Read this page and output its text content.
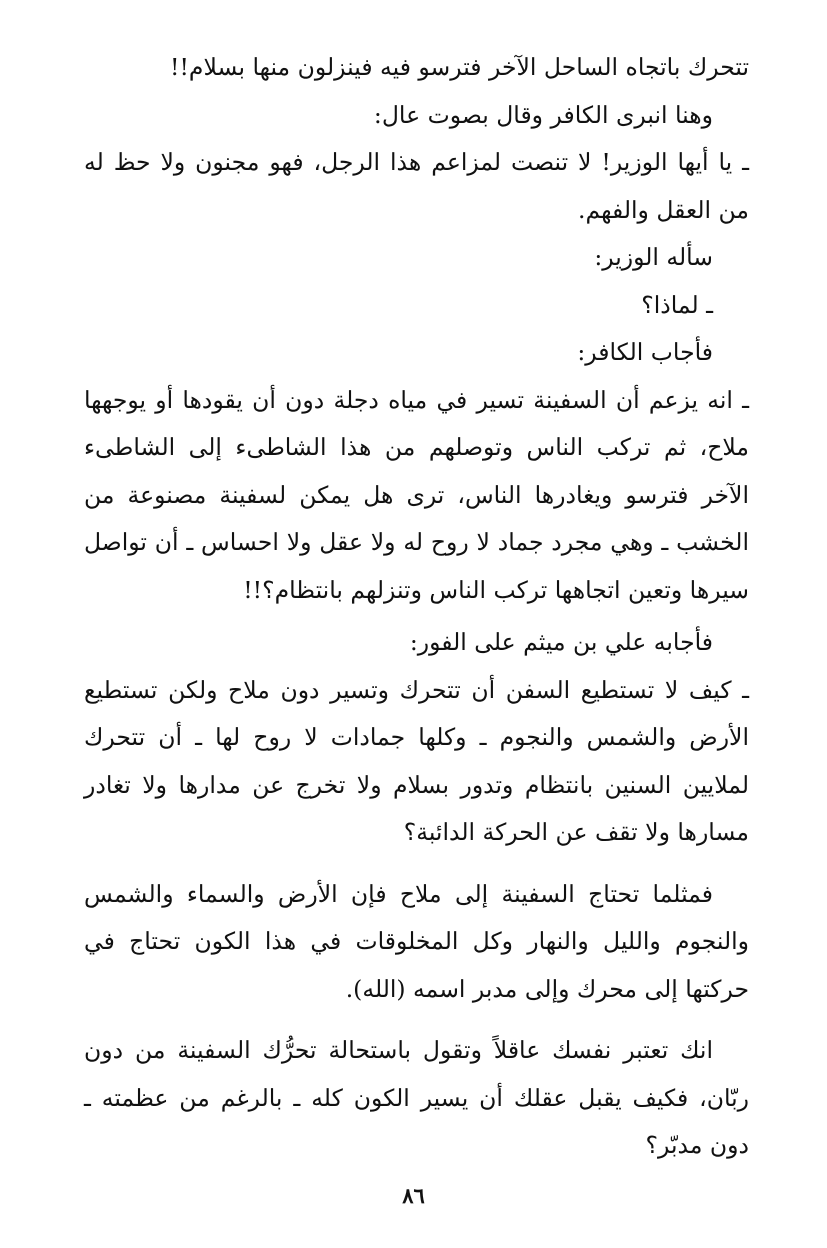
تتحرك باتجاه الساحل الآخر فترسو فيه فينزلون منها بسلام!!

وهنا انبرى الكافر وقال بصوت عال:

ـ يا أيها الوزير! لا تنصت لمزاعم هذا الرجل، فهو مجنون ولا حظ له من العقل والفهم.

سأله الوزير:

ـ لماذا؟

فأجاب الكافر:

ـ انه يزعم أن السفينة تسير في مياه دجلة دون أن يقودها أو يوجهها ملاح، ثم تركب الناس وتوصلهم من هذا الشاطىء إلى الشاطىء الآخر فترسو ويغادرها الناس، ترى هل يمكن لسفينة مصنوعة من الخشب ـ وهي مجرد جماد لا روح له ولا عقل ولا احساس ـ أن تواصل سيرها وتعين اتجاهها تركب الناس وتنزلهم بانتظام؟!!

فأجابه علي بن ميثم على الفور:

ـ كيف لا تستطيع السفن أن تتحرك وتسير دون ملاح ولكن تستطيع الأرض والشمس والنجوم ـ وكلها جمادات لا روح لها ـ أن تتحرك لملايين السنين بانتظام وتدور بسلام ولا تخرج عن مدارها ولا تغادر مسارها ولا تقف عن الحركة الدائبة؟

فمثلما تحتاج السفينة إلى ملاح فإن الأرض والسماء والشمس والنجوم والليل والنهار وكل المخلوقات في هذا الكون تحتاج في حركتها إلى محرك وإلى مدبر اسمه (الله).

انك تعتبر نفسك عاقلاً وتقول باستحالة تحرُّك السفينة من دون ربّان، فكيف يقبل عقلك أن يسير الكون كله ـ بالرغم من عظمته ـ دون مدبّر؟

٨٦
